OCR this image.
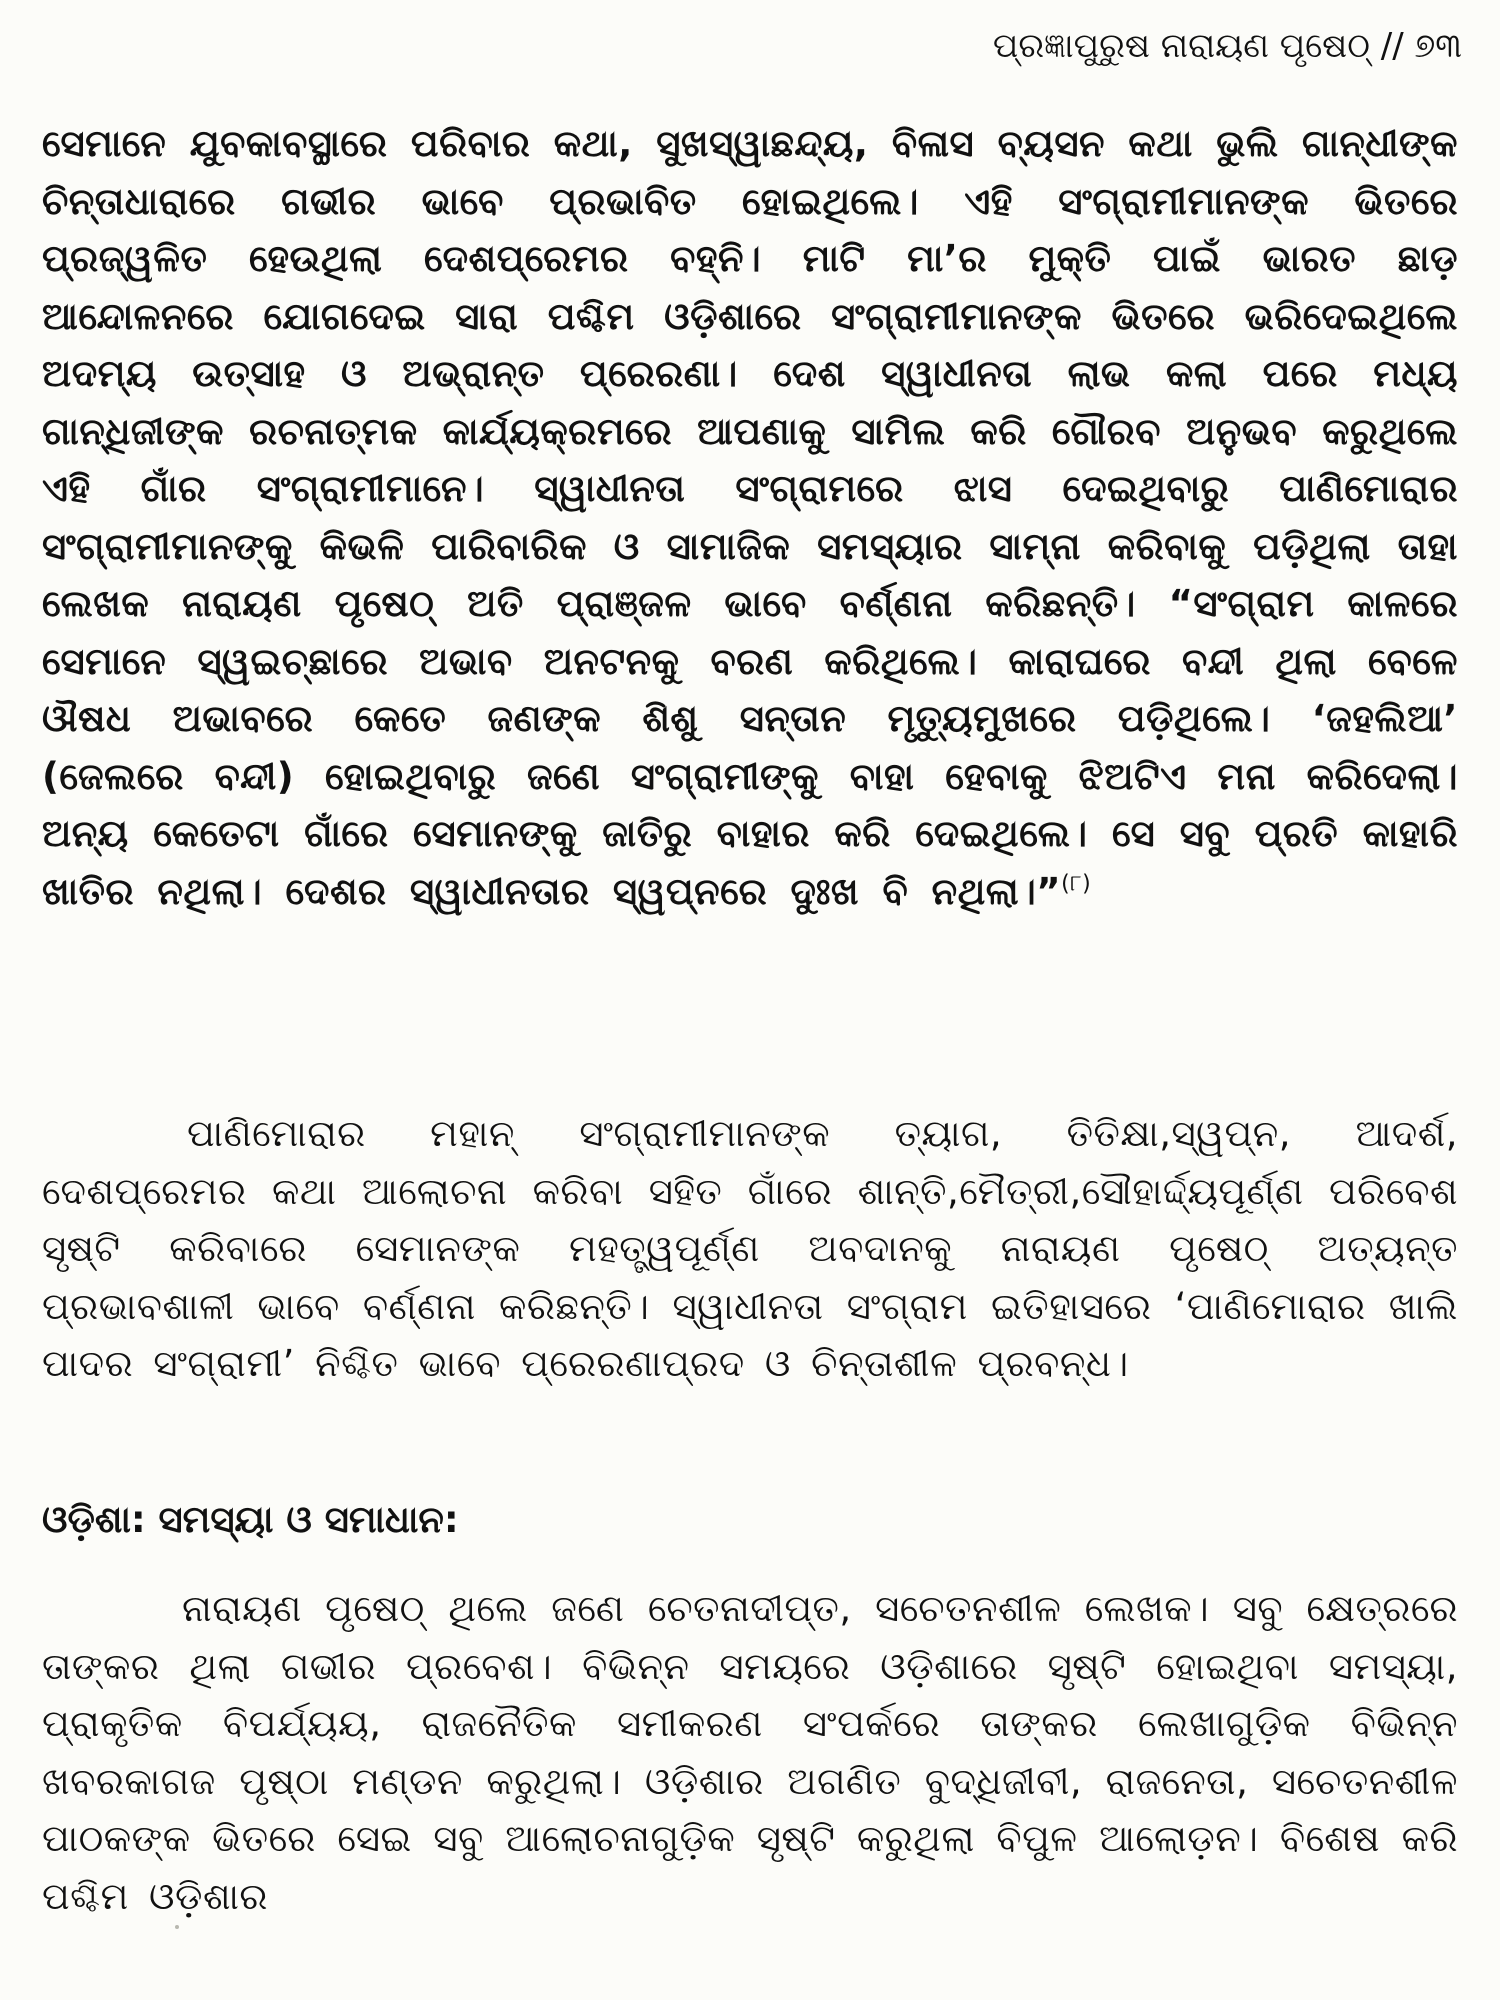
ପ୍ରଜ୍ଞାପୁରୁଷ ନାରାୟଣ ପୃଷେଠ୍ // ୭୩
ସେମାନେ ଯୁବକାବସ୍ଥାରେ ପରିବାର କଥା, ସୁଖସ୍ୱାଛନ୍ଦ୍ୟ, ବିଳାସ ବ୍ୟସନ କଥା ଭୁଲି ଗାନ୍ଧୀଙ୍କ ଚିନ୍ତାଧାରାରେ ଗଭୀର ଭାବେ ପ୍ରଭାବିତ ହୋଇଥିଲେ। ଏହି ସଂଗ୍ରାମୀମାନଙ୍କ ଭିତରେ ପ୍ରଜ୍ୱଳିତ ହେଉଥିଲା ଦେଶପ୍ରେମର ବହ୍ନି। ମାଟି ମା’ର ମୁକ୍ତି ପାଇଁ ଭାରତ ଛାଡ଼ ଆନ୍ଦୋଳନରେ ଯୋଗଦେଇ ସାରା ପଶ୍ଚିମ ଓଡ଼ିଶାରେ ସଂଗ୍ରାମୀମାନଙ୍କ ଭିତରେ ଭରିଦେଇଥିଲେ ଅଦମ୍ୟ ଉତ୍ସାହ ଓ ଅଭ୍ରାନ୍ତ ପ୍ରେରଣା। ଦେଶ ସ୍ୱାଧୀନତା ଲାଭ କଲା ପରେ ମଧ୍ୟ ଗାନ୍ଧିଜୀଙ୍କ ରଚନାତ୍ମକ କାର୍ଯ୍ୟକ୍ରମରେ ଆପଣାକୁ ସାମିଲ କରି ଗୌରବ ଅନୁଭବ କରୁଥିଲେ ଏହି ଗାଁର ସଂଗ୍ରାମୀମାନେ। ସ୍ୱାଧୀନତା ସଂଗ୍ରାମରେ ଝାସ ଦେଇଥିବାରୁ ପାଣିମୋରାର ସଂଗ୍ରାମୀମାନଙ୍କୁ କିଭଳି ପାରିବାରିକ ଓ ସାମାଜିକ ସମସ୍ୟାର ସାମ୍ନା କରିବାକୁ ପଡ଼ିଥିଲା ତାହା ଲେଖକ ନାରାୟଣ ପୃଷେଠ୍ ଅତି ପ୍ରାଞ୍ଜଳ ଭାବେ ବର୍ଣ୍ଣନା କରିଛନ୍ତି। “ସଂଗ୍ରାମ କାଳରେ ସେମାନେ ସ୍ୱଇଚ୍ଛାରେ ଅଭାବ ଅନଟନକୁ ବରଣ କରିଥିଲେ। କାରାଘରେ ବନ୍ଦୀ ଥିଲା ବେଳେ ଔଷଧ ଅଭାବରେ କେତେ ଜଣଙ୍କ ଶିଶୁ ସନ୍ତାନ ମୃତ୍ୟୁମୁଖରେ ପଡ଼ିଥିଲେ। ‘ଜହଲିଆ’ (ଜେଲରେ ବନ୍ଦୀ) ହୋଇଥିବାରୁ ଜଣେ ସଂଗ୍ରାମୀଙ୍କୁ ବାହା ହେବାକୁ ଝିଅଟିଏ ମନା କରିଦେଲା। ଅନ୍ୟ କେତେଟା ଗାଁରେ ସେମାନଙ୍କୁ ଜାତିରୁ ବାହାର କରି ଦେଇଥିଲେ। ସେ ସବୁ ପ୍ରତି କାହାରି ଖାତିର ନଥିଲା। ଦେଶର ସ୍ୱାଧୀନତାର ସ୍ୱପ୍ନରେ ଦୁଃଖ ବି ନଥିଲା।”$^{(୮)}$
ପାଣିମୋରାର ମହାନ୍ ସଂଗ୍ରାମୀମାନଙ୍କ ତ୍ୟାଗ, ତିତିକ୍ଷା,ସ୍ୱପ୍ନ, ଆଦର୍ଶ, ଦେଶପ୍ରେମର କଥା ଆଲୋଚନା କରିବା ସହିତ ଗାଁରେ ଶାନ୍ତି,ମୈତ୍ରୀ,ସୌହାର୍ଦ୍ଦ୍ୟପୂର୍ଣ୍ଣ ପରିବେଶ ସୃଷ୍ଟି କରିବାରେ ସେମାନଙ୍କ ମହତ୍ତ୍ୱପୂର୍ଣ୍ଣ ଅବଦାନକୁ ନାରାୟଣ ପୃଷେଠ୍ ଅତ୍ୟନ୍ତ ପ୍ରଭାବଶାଳୀ ଭାବେ ବର୍ଣ୍ଣନା କରିଛନ୍ତି। ସ୍ୱାଧୀନତା ସଂଗ୍ରାମ ଇତିହାସରେ ‘ପାଣିମୋରାର ଖାଲି ପାଦର ସଂଗ୍ରାମୀ’ ନିଶ୍ଚିତ ଭାବେ ପ୍ରେରଣାପ୍ରଦ ଓ ଚିନ୍ତାଶୀଳ ପ୍ରବନ୍ଧ।
ଓଡ଼ିଶା: ସମସ୍ୟା ଓ ସମାଧାନ:
ନାରାୟଣ ପୃଷେଠ୍ ଥିଲେ ଜଣେ ଚେତନାଦୀପ୍ତ, ସଚେତନଶୀଳ ଲେଖକ। ସବୁ କ୍ଷେତ୍ରରେ ତାଙ୍କର ଥିଲା ଗଭୀର ପ୍ରବେଶ। ବିଭିନ୍ନ ସମୟରେ ଓଡ଼ିଶାରେ ସୃଷ୍ଟି ହୋଇଥିବା ସମସ୍ୟା, ପ୍ରାକୃତିକ ବିପର୍ଯ୍ୟୟ, ରାଜନୈତିକ ସମୀକରଣ ସଂପର୍କରେ ତାଙ୍କର ଲେଖାଗୁଡ଼ିକ ବିଭିନ୍ନ ଖବରକାଗଜ ପୃଷ୍ଠା ମଣ୍ଡନ କରୁଥିଲା। ଓଡ଼ିଶାର ଅଗଣିତ ବୁଦ୍ଧିଜୀବୀ, ରାଜନେତା, ସଚେତନଶୀଳ ପାଠକଙ୍କ ଭିତରେ ସେଇ ସବୁ ଆଲୋଚନାଗୁଡ଼ିକ ସୃଷ୍ଟି କରୁଥିଲା ବିପୁଳ ଆଲୋଡ଼ନ। ବିଶେଷ କରି ପଶ୍ଚିମ ଓଡ଼ିଶାର
